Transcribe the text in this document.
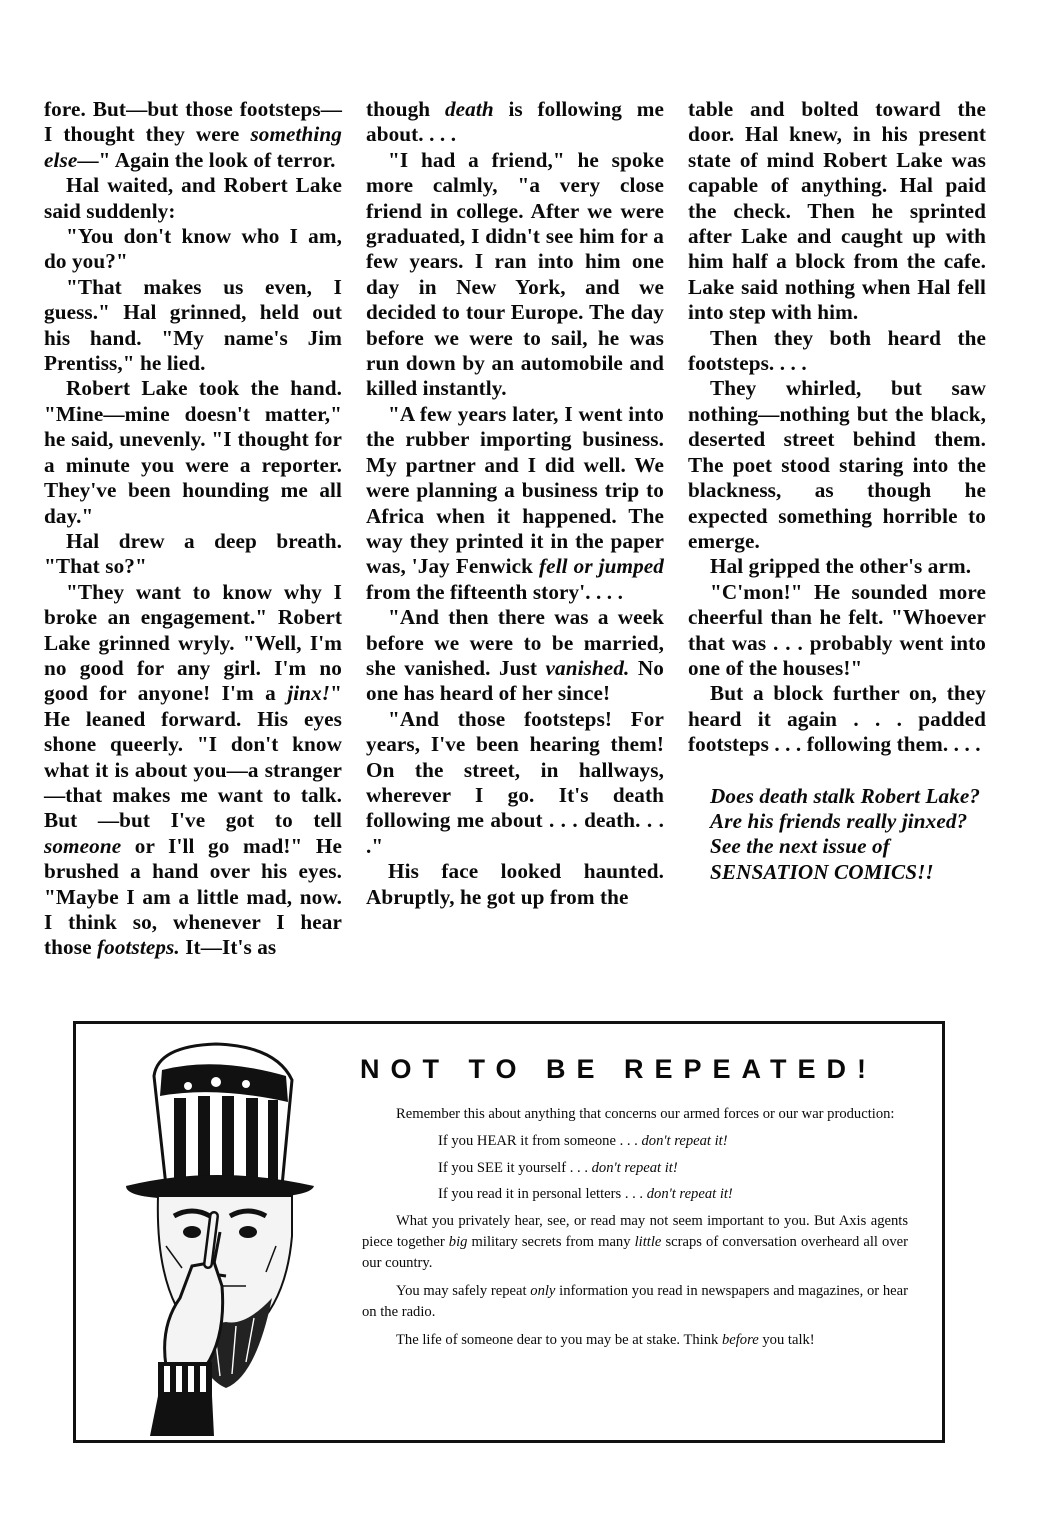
fore. But—but those footsteps—I thought they were something else—" Again the look of terror.

Hal waited, and Robert Lake said suddenly:

"You don't know who I am, do you?"

"That makes us even, I guess." Hal grinned, held out his hand. "My name's Jim Prentiss," he lied.

Robert Lake took the hand. "Mine—mine doesn't matter," he said, unevenly. "I thought for a minute you were a reporter. They've been hounding me all day."

Hal drew a deep breath. "That so?"

"They want to know why I broke an engagement." Robert Lake grinned wryly. "Well, I'm no good for any girl. I'm no good for anyone! I'm a jinx!" He leaned forward. His eyes shone queerly. "I don't know what it is about you—a stranger—that makes me want to talk. But —but I've got to tell someone or I'll go mad!" He brushed a hand over his eyes. "Maybe I am a little mad, now. I think so, whenever I hear those footsteps. It—It's as

though death is following me about. . . .

"I had a friend," he spoke more calmly, "a very close friend in college. After we were graduated, I didn't see him for a few years. I ran into him one day in New York, and we decided to tour Europe. The day before we were to sail, he was run down by an automobile and killed instantly.

"A few years later, I went into the rubber importing business. My partner and I did well. We were planning a business trip to Africa when it happened. The way they printed it in the paper was, 'Jay Fenwick fell or jumped from the fifteenth story'. . . .

"And then there was a week before we were to be married, she vanished. Just vanished. No one has heard of her since!

"And those footsteps! For years, I've been hearing them! On the street, in hallways, wherever I go. It's death following me about . . . death. . . ."

His face looked haunted. Abruptly, he got up from the

table and bolted toward the door. Hal knew, in his present state of mind Robert Lake was capable of anything. Hal paid the check. Then he sprinted after Lake and caught up with him half a block from the cafe. Lake said nothing when Hal fell into step with him.

Then they both heard the footsteps. . . .

They whirled, but saw nothing—nothing but the black, deserted street behind them. The poet stood staring into the blackness, as though he expected something horrible to emerge.

Hal gripped the other's arm.

"C'mon!" He sounded more cheerful than he felt. "Whoever that was . . . probably went into one of the houses!"

But a block further on, they heard it again . . . padded footsteps . . . following them. . . .

Does death stalk Robert Lake? Are his friends really jinxed? See the next issue of SENSATION COMICS!!

NOT TO BE REPEATED!

Remember this about anything that concerns our armed forces or our war production:

If you HEAR it from someone . . . don't repeat it!

If you SEE it yourself . . . don't repeat it!

If you read it in personal letters . . . don't repeat it!

What you privately hear, see, or read may not seem important to you. But Axis agents piece together big military secrets from many little scraps of conversation overheard all over our country.

You may safely repeat only information you read in newspapers and magazines, or hear on the radio.

The life of someone dear to you may be at stake. Think before you talk!
